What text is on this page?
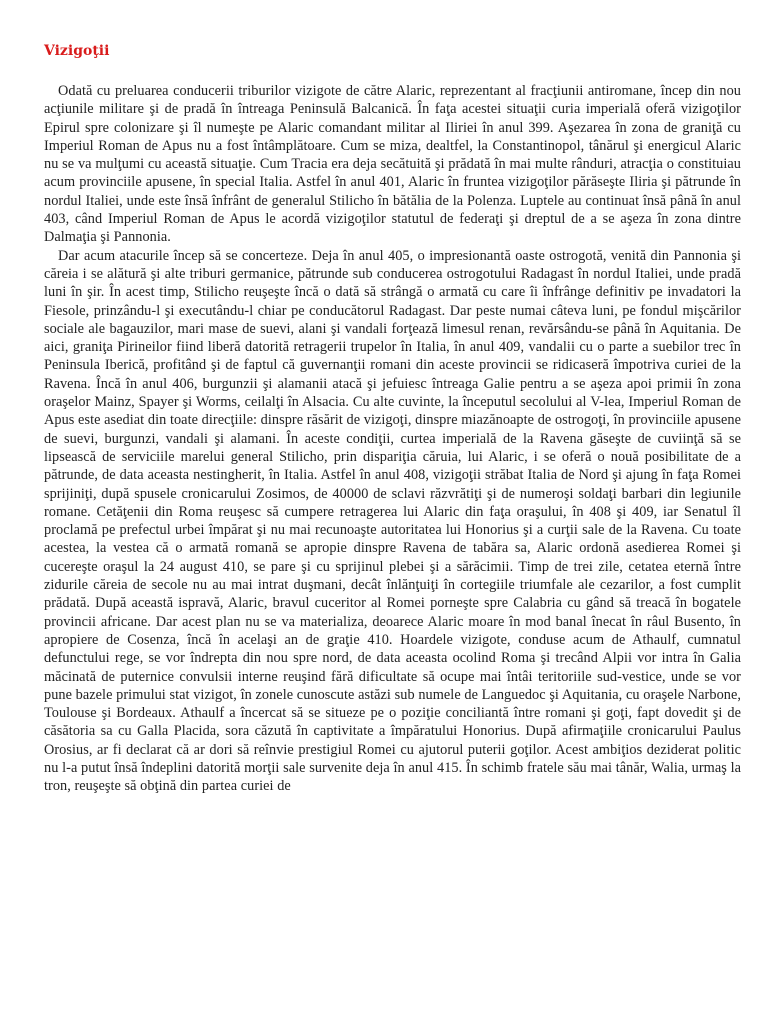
Vizigoţii

Odată cu preluarea conducerii triburilor vizigote de către Alaric, reprezentant al fracţiunii antiromane, încep din nou acţiunile militare şi de pradă în întreaga Peninsulă Balcanică. În faţa acestei situaţii curia imperială oferă vizigoţilor Epirul spre colonizare şi îl numeşte pe Alaric comandant militar al Iliriei în anul 399. Aşezarea în zona de graniţă cu Imperiul Roman de Apus nu a fost întâmplătoare. Cum se miza, dealtfel, la Constantinopol, tânărul şi energicul Alaric nu se va mulţumi cu această situaţie. Cum Tracia era deja secătuită şi prădată în mai multe rânduri, atracţia o constituiau acum provinciile apusene, în special Italia. Astfel în anul 401, Alaric în fruntea vizigoţilor părăseşte Iliria şi pătrunde în nordul Italiei, unde este însă înfrânt de generalul Stilicho în bătălia de la Polenza. Luptele au continuat însă până în anul 403, când Imperiul Roman de Apus le acordă vizigoţilor statutul de federaţi şi dreptul de a se aşeza în zona dintre Dalmaţia şi Pannonia.

Dar acum atacurile încep să se concerteze. Deja în anul 405, o impresionantă oaste ostrogotă, venită din Pannonia şi căreia i se alătură şi alte triburi germanice, pătrunde sub conducerea ostrogotului Radagast în nordul Italiei, unde pradă luni în şir. În acest timp, Stilicho reuşeşte încă o dată să strângă o armată cu care îi înfrânge definitiv pe invadatori la Fiesole, prinzându-l şi executându-l chiar pe conducătorul Radagast. Dar peste numai câteva luni, pe fondul mişcărilor sociale ale bagauzilor, mari mase de suevi, alani şi vandali forţează limesul renan, revărsându-se până în Aquitania. De aici, graniţa Pirineilor fiind liberă datorită retragerii trupelor în Italia, în anul 409, vandalii cu o parte a suebilor trec în Peninsula Iberică, profitând şi de faptul că guvernanţii romani din aceste provincii se ridicaseră împotriva curiei de la Ravena. Încă în anul 406, burgunzii şi alamanii atacă şi jefuiesc întreaga Galie pentru a se aşeza apoi primii în zona oraşelor Mainz, Spayer şi Worms, ceilalţi în Alsacia. Cu alte cuvinte, la începutul secolului al V-lea, Imperiul Roman de Apus este asediat din toate direcţiile: dinspre răsărit de vizigoţi, dinspre miazănoapte de ostrogoţi, în provinciile apusene de suevi, burgunzi, vandali şi alamani. În aceste condiţii, curtea imperială de la Ravena găseşte de cuviinţă să se lipsească de serviciile marelui general Stilicho, prin dispariţia căruia, lui Alaric, i se oferă o nouă posibilitate de a pătrunde, de data aceasta nestingherit, în Italia. Astfel în anul 408, vizigoţii străbat Italia de Nord şi ajung în faţa Romei sprijiniţi, după spusele cronicarului Zosimos, de 40000 de sclavi răzvrătiţi şi de numeroşi soldaţi barbari din legiunile romane. Cetăţenii din Roma reuşesc să cumpere retragerea lui Alaric din faţa oraşului, în 408 şi 409, iar Senatul îl proclamă pe prefectul urbei împărat şi nu mai recunoaşte autoritatea lui Honorius şi a curţii sale de la Ravena. Cu toate acestea, la vestea că o armată romană se apropie dinspre Ravena de tabăra sa, Alaric ordonă asedierea Romei şi cucereşte oraşul la 24 august 410, se pare şi cu sprijinul plebei şi a sărăcimii. Timp de trei zile, cetatea eternă între zidurile căreia de secole nu au mai intrat duşmani, decât înlănţuiţi în cortegiile triumfale ale cezarilor, a fost cumplit prădată. După această ispravă, Alaric, bravul cuceritor al Romei porneşte spre Calabria cu gând să treacă în bogatele provincii africane. Dar acest plan nu se va materializa, deoarece Alaric moare în mod banal înecat în râul Busento, în apropiere de Cosenza, încă în acelaşi an de graţie 410. Hoardele vizigote, conduse acum de Athaulf, cumnatul defunctului rege, se vor îndrepta din nou spre nord, de data aceasta ocolind Roma şi trecând Alpii vor intra în Galia măcinată de puternice convulsii interne reuşind fără dificultate să ocupe mai întâi teritoriile sud-vestice, unde se vor pune bazele primului stat vizigot, în zonele cunoscute astăzi sub numele de Languedoc şi Aquitania, cu oraşele Narbone, Toulouse şi Bordeaux. Athaulf a încercat să se situeze pe o poziţie conciliantă între romani şi goţi, fapt dovedit şi de căsătoria sa cu Galla Placida, sora căzută în captivitate a împăratului Honorius. După afirmaţiile cronicarului Paulus Orosius, ar fi declarat că ar dori să reînvie prestigiul Romei cu ajutorul puterii goţilor. Acest ambiţios deziderat politic nu l-a putut însă îndeplini datorită morţii sale survenite deja în anul 415. În schimb fratele său mai tânăr, Walia, urmaş la tron, reuşeşte să obţină din partea curiei de
